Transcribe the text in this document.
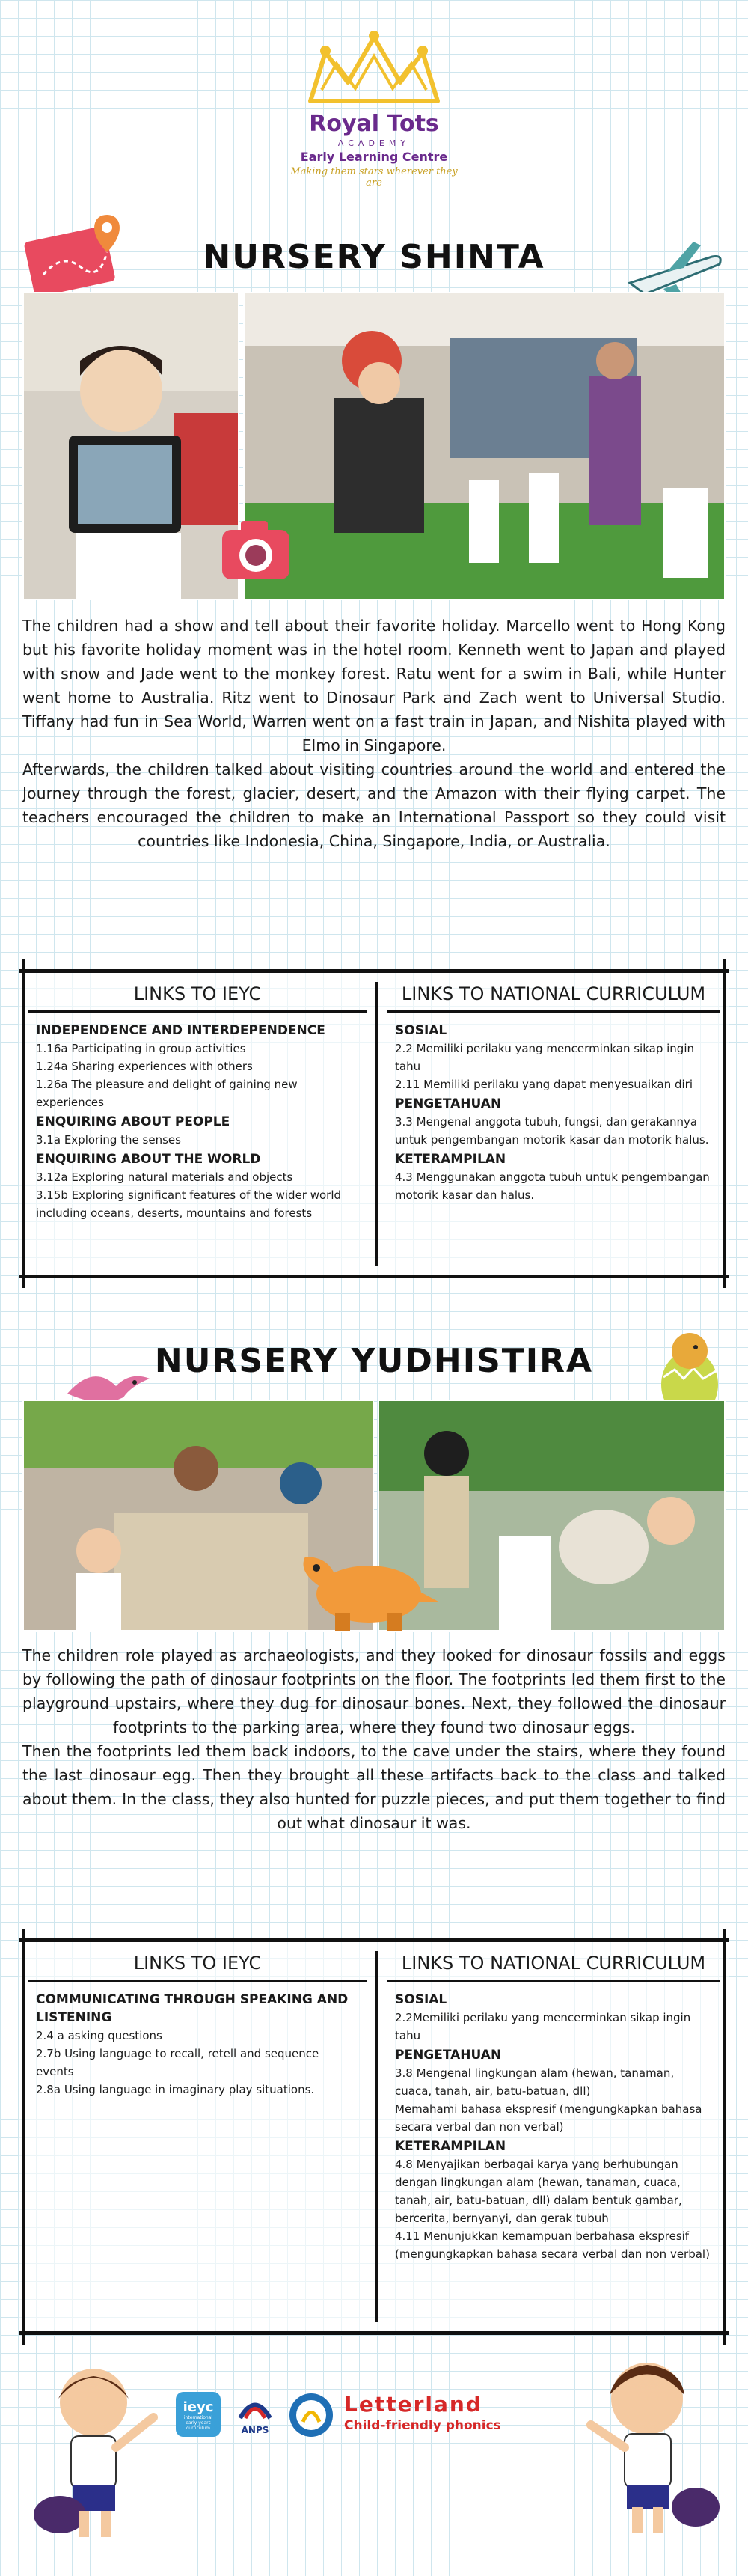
Royal Tots
ACADEMY
Early Learning Centre
Making them stars wherever they are
NURSERY SHINTA

The children had a show and tell about their favorite holiday. Marcello went to Hong Kong but his favorite holiday moment was in the hotel room. Kenneth went to Japan and played with snow and Jade went to the monkey forest. Ratu went for a swim in Bali, while Hunter went home to Australia. Ritz went to Dinosaur Park and Zach went to Universal Studio. Tiffany had fun in Sea World, Warren went on a fast train in Japan, and Nishita played with Elmo in Singapore.

Afterwards, the children talked about visiting countries around the world and entered the Journey through the forest, glacier, desert, and the Amazon with their flying carpet. The teachers encouraged the children to make an International Passport so they could visit countries like Indonesia, China, Singapore, India, or Australia.

LINKS TO IEYC
INDEPENDENCE AND INTERDEPENDENCE
1.16a Participating in group activities
1.24a Sharing experiences with others
1.26a The pleasure and delight of gaining new experiences
ENQUIRING ABOUT PEOPLE
3.1a Exploring the senses
ENQUIRING ABOUT THE WORLD
3.12a Exploring natural materials and objects
3.15b Exploring significant features of the wider world including oceans, deserts, mountains and forests
LINKS TO NATIONAL CURRICULUM
SOSIAL
2.2 Memiliki perilaku yang mencerminkan sikap ingin tahu
2.11 Memiliki perilaku yang dapat menyesuaikan diri
PENGETAHUAN
3.3 Mengenal anggota tubuh, fungsi, dan gerakannya untuk pengembangan motorik kasar dan motorik halus.
KETERAMPILAN
4.3 Menggunakan anggota tubuh untuk pengembangan motorik kasar dan halus.
NURSERY YUDHISTIRA

The children role played as archaeologists, and they looked for dinosaur fossils and eggs by following the path of dinosaur footprints on the floor. The footprints led them first to the playground upstairs, where they dug for dinosaur bones. Next, they followed the dinosaur footprints to the parking area, where they found two dinosaur eggs.

Then the footprints led them back indoors, to the cave under the stairs, where they found the last dinosaur egg. Then they brought all these artifacts back to the class and talked about them. In the class, they also hunted for puzzle pieces, and put them together to find out what dinosaur it was.

LINKS TO IEYC
COMMUNICATING THROUGH SPEAKING AND LISTENING
2.4 a asking questions
2.7b Using language to recall, retell and sequence events
2.8a Using language in imaginary play situations.
LINKS TO NATIONAL CURRICULUM
SOSIAL
2.2Memiliki perilaku yang mencerminkan sikap ingin tahu
PENGETAHUAN
3.8 Mengenal lingkungan alam (hewan, tanaman, cuaca, tanah, air, batu-batuan, dll)
Memahami bahasa ekspresif (mengungkapkan bahasa secara verbal dan non verbal)
KETERAMPILAN
4.8 Menyajikan berbagai karya yang berhubungan dengan lingkungan alam (hewan, tanaman, cuaca, tanah, air, batu-batuan, dll) dalam bentuk gambar, bercerita, bernyanyi, dan gerak tubuh
4.11 Menunjukkan kemampuan berbahasa ekspresif (mengungkapkan bahasa secara verbal dan non verbal)
ieyc
international early years curriculum	ANPS
Letterland
Child-friendly phonics
